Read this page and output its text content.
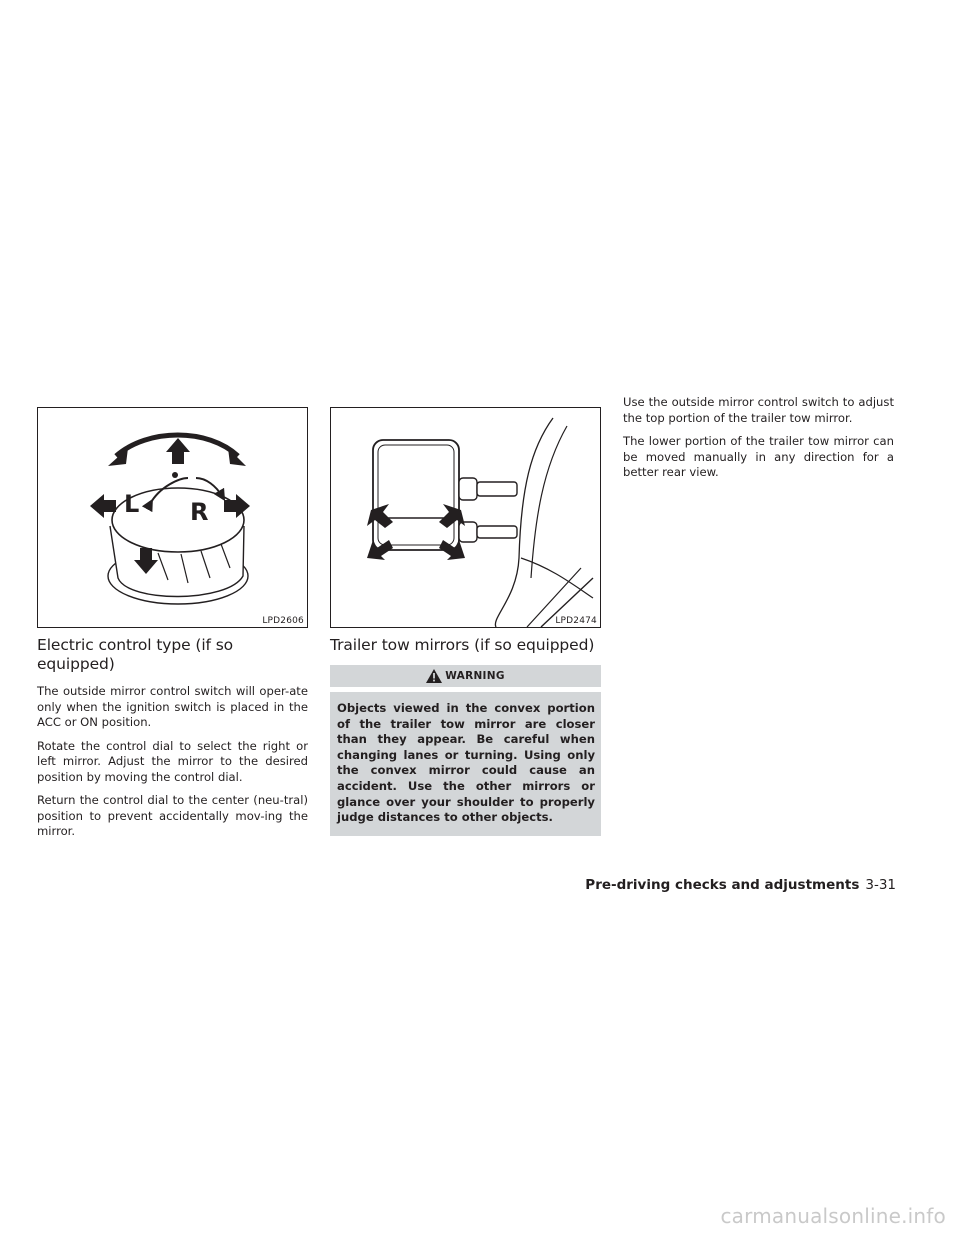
L R
LPD2606
Electric control type (if so equipped)

The outside mirror control switch will oper-ate only when the ignition switch is placed in the ACC or ON position.

Rotate the control dial to select the right or left mirror. Adjust the mirror to the desired position by moving the control dial.

Return the control dial to the center (neu-tral) position to prevent accidentally mov-ing the mirror.

LPD2474
Trailer tow mirrors (if so equipped)
WARNING

Objects viewed in the convex portion of the trailer tow mirror are closer than they appear. Be careful when changing lanes or turning. Using only the convex mirror could cause an accident. Use the other mirrors or glance over your shoulder to properly judge distances to other objects.

Use the outside mirror control switch to adjust the top portion of the trailer tow mirror.

The lower portion of the trailer tow mirror can be moved manually in any direction for a better rear view.

Pre-driving checks and adjustments 3-31
carmanualsonline.info
